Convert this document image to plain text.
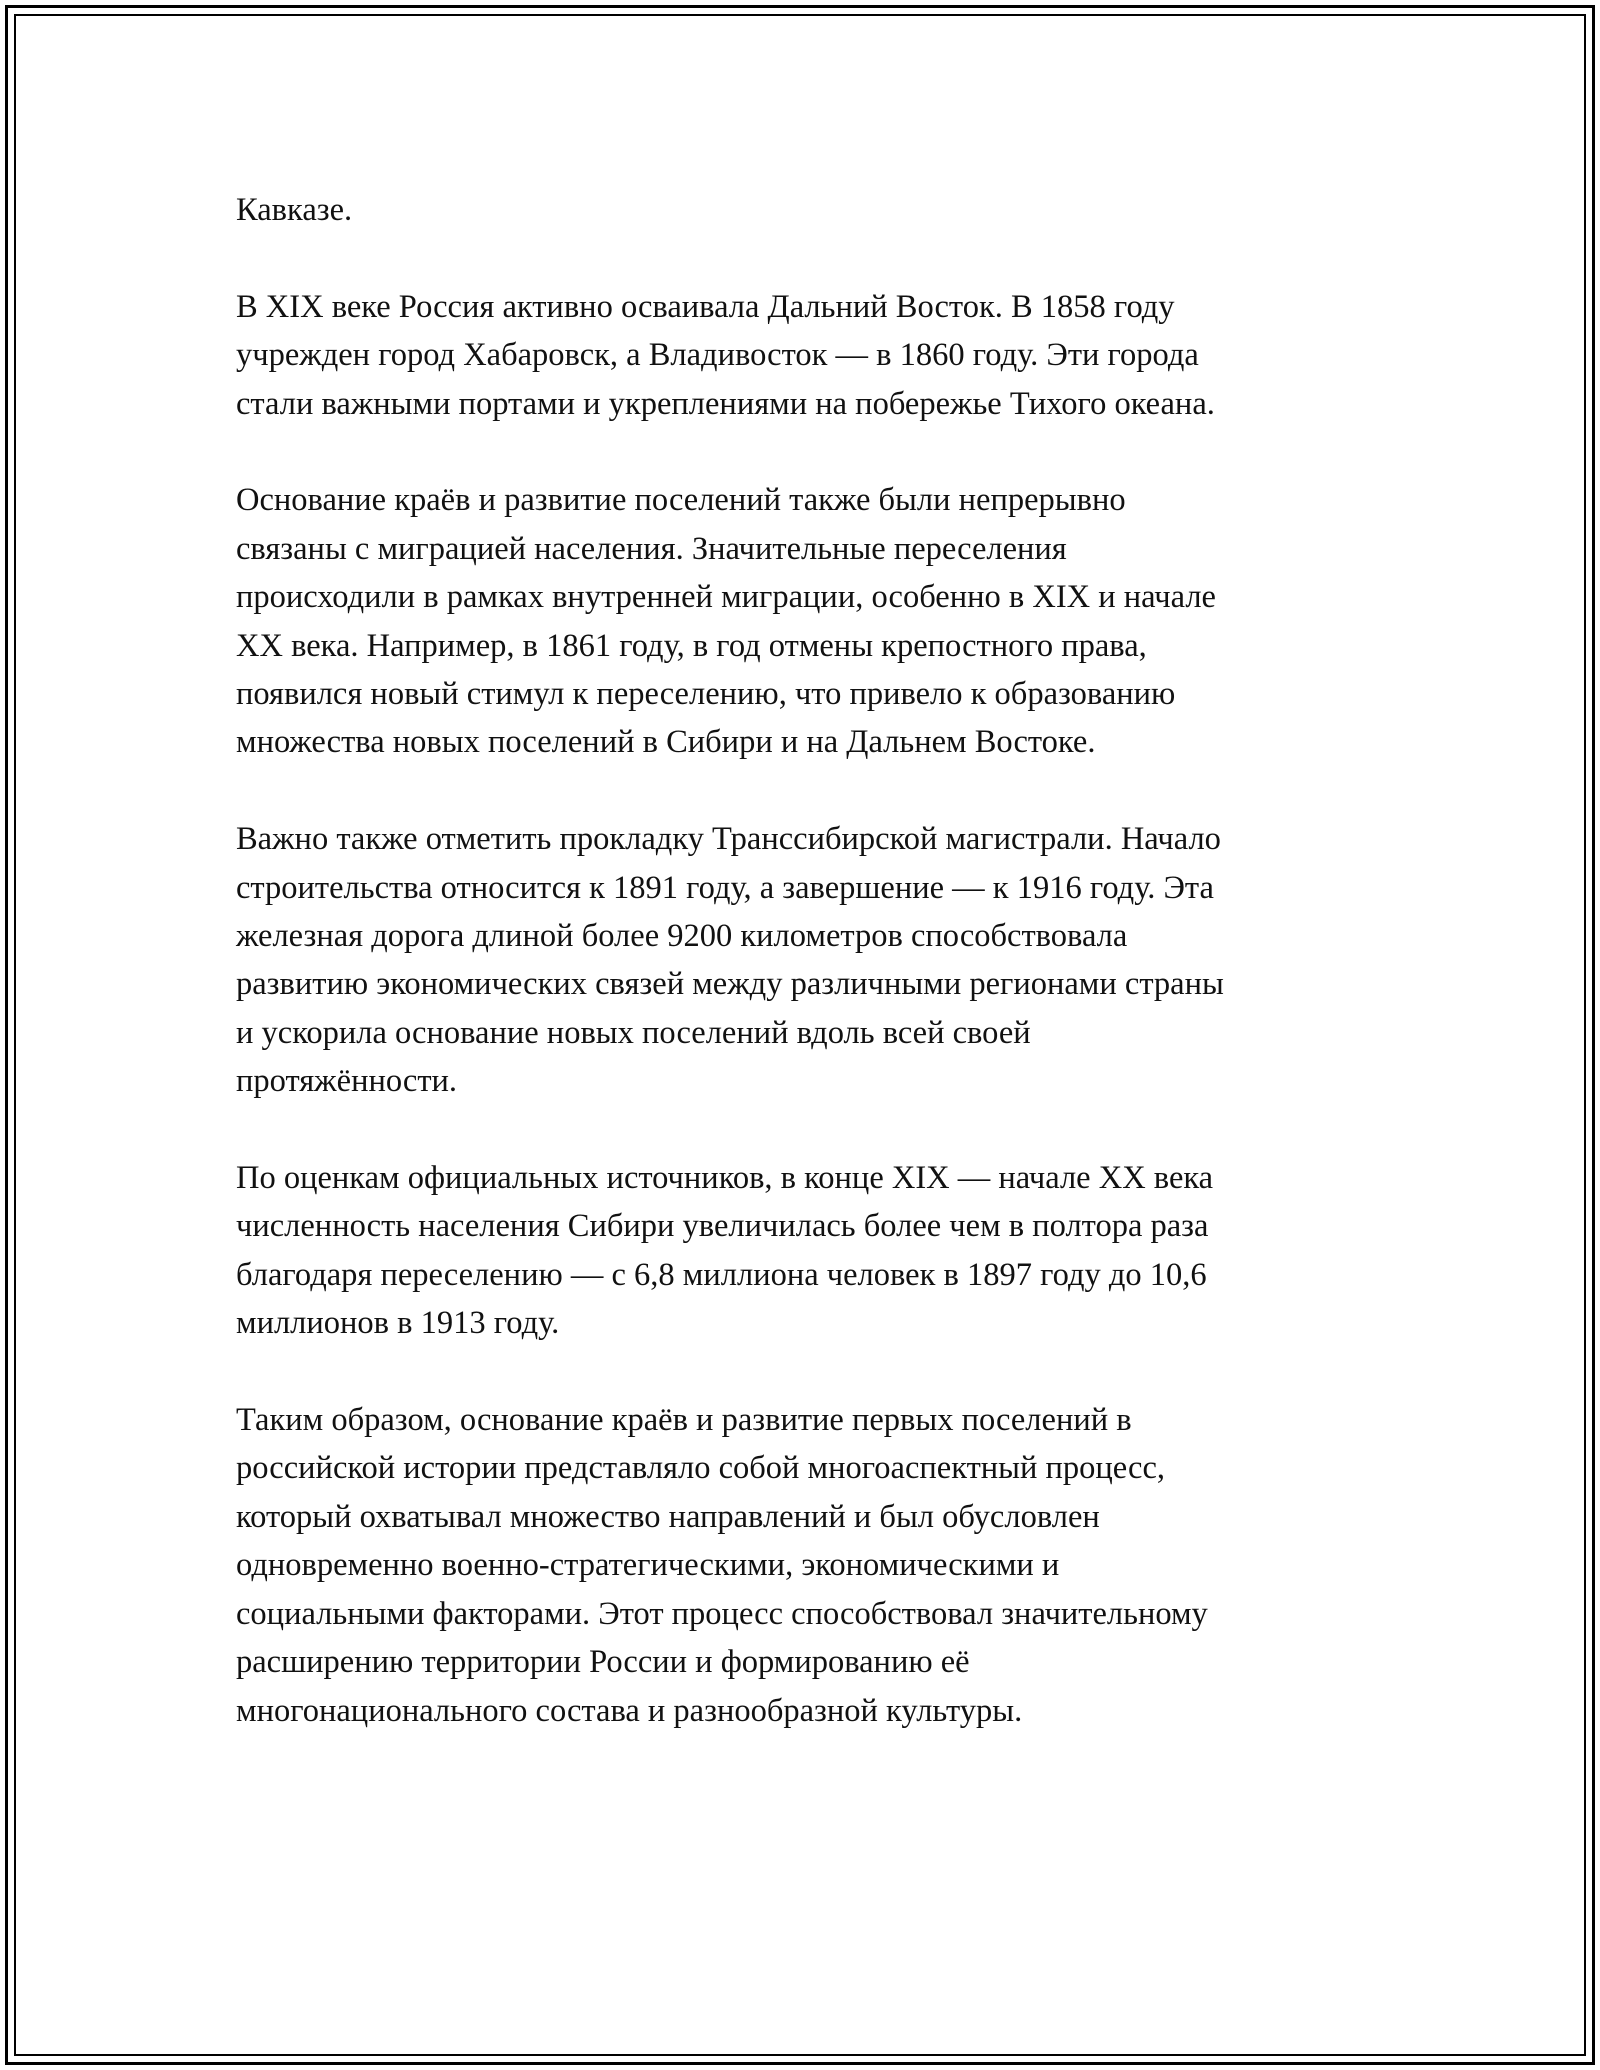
Кавказе.

В XIX веке Россия активно осваивала Дальний Восток. В 1858 году
учрежден город Хабаровск, а Владивосток — в 1860 году. Эти города
стали важными портами и укреплениями на побережье Тихого океана.

Основание краёв и развитие поселений также были непрерывно
связаны с миграцией населения. Значительные переселения
происходили в рамках внутренней миграции, особенно в XIX и начале
XX века. Например, в 1861 году, в год отмены крепостного права,
появился новый стимул к переселению, что привело к образованию
множества новых поселений в Сибири и на Дальнем Востоке.

Важно также отметить прокладку Транссибирской магистрали. Начало
строительства относится к 1891 году, а завершение — к 1916 году. Эта
железная дорога длиной более 9200 километров способствовала
развитию экономических связей между различными регионами страны
и ускорила основание новых поселений вдоль всей своей
протяжённости.

По оценкам официальных источников, в конце XIX — начале XX века
численность населения Сибири увеличилась более чем в полтора раза
благодаря переселению — с 6,8 миллиона человек в 1897 году до 10,6
миллионов в 1913 году.

Таким образом, основание краёв и развитие первых поселений в
российской истории представляло собой многоаспектный процесс,
который охватывал множество направлений и был обусловлен
одновременно военно-стратегическими, экономическими и
социальными факторами. Этот процесс способствовал значительному
расширению территории России и формированию её
многонационального состава и разнообразной культуры.
